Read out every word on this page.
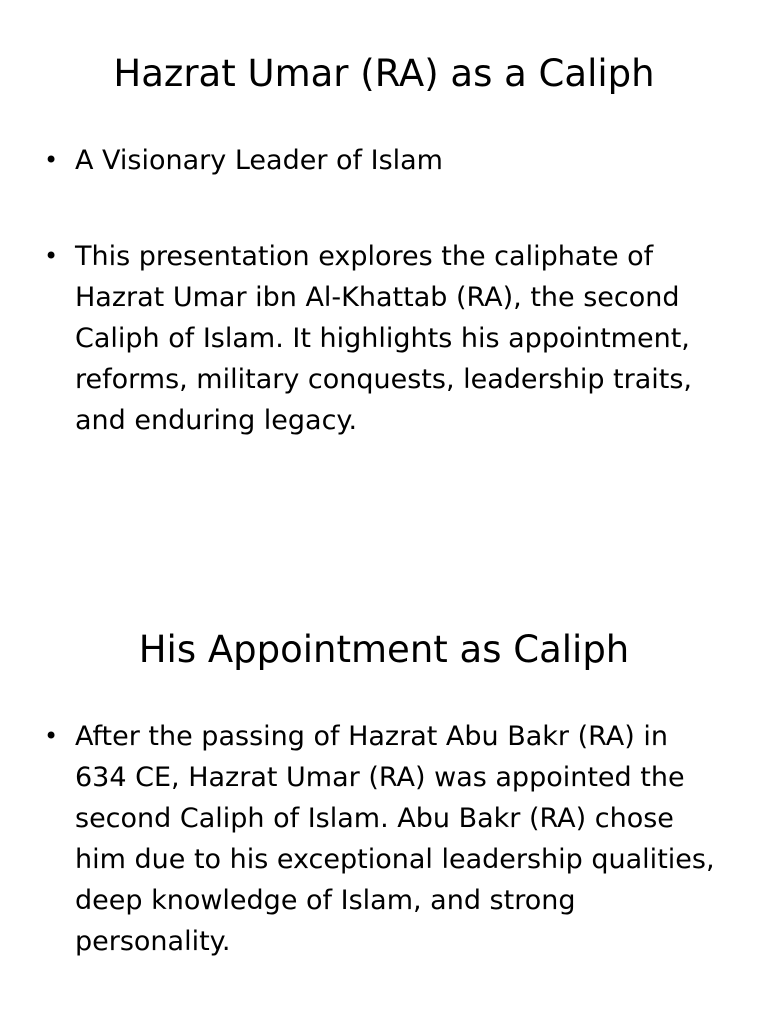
Hazrat Umar (RA) as a Caliph
• A Visionary Leader of Islam
• This presentation explores the caliphate of Hazrat Umar ibn Al-Khattab (RA), the second Caliph of Islam. It highlights his appointment, reforms, military conquests, leadership traits, and enduring legacy.
His Appointment as Caliph
• After the passing of Hazrat Abu Bakr (RA) in 634 CE, Hazrat Umar (RA) was appointed the second Caliph of Islam. Abu Bakr (RA) chose him due to his exceptional leadership qualities, deep knowledge of Islam, and strong personality.
